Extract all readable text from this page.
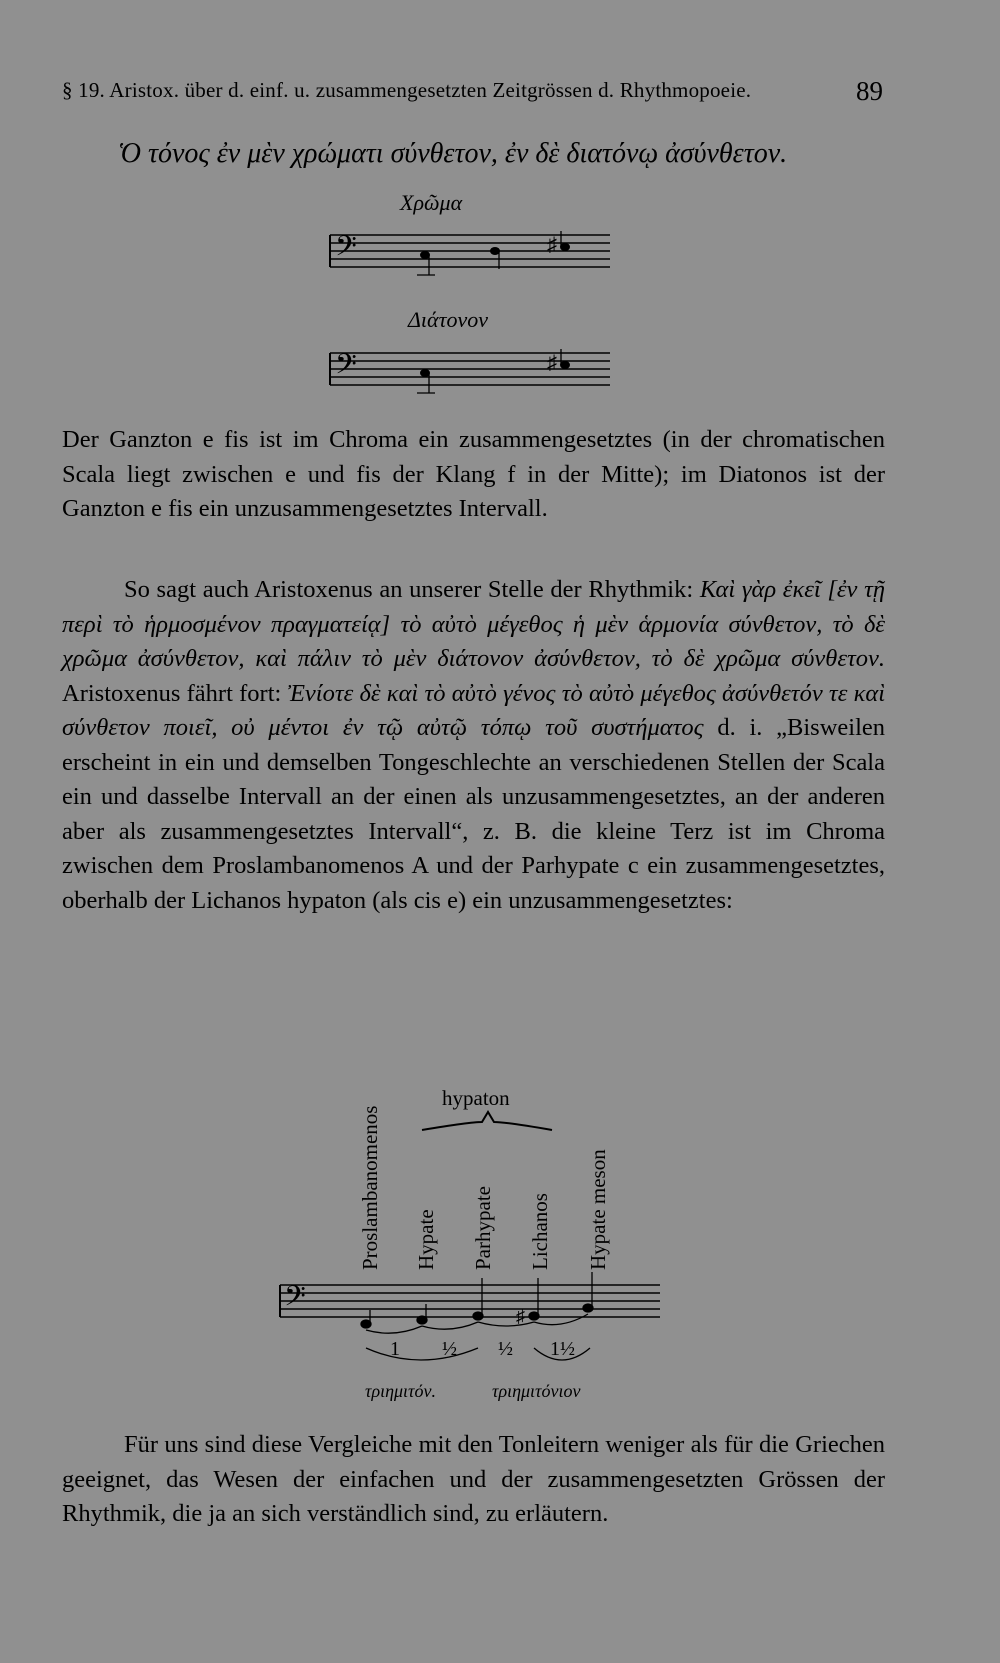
§ 19. Aristox. über d. einf. u. zusammengesetzten Zeitgrössen d. Rhythmopoeie.	89
Ὁ τόνος ἐν μὲν χρώματι σύνθετον, ἐν δὲ διατόνῳ ἀσύνθετον.
Χρῶμα
𝄢	♯
Διάτονον
𝄢	♯

Der Ganzton e fis ist im Chroma ein zusammengesetztes (in der chromatischen Scala liegt zwischen e und fis der Klang f in der Mitte); im Diatonos ist der Ganzton e fis ein unzusammengesetztes Intervall.

So sagt auch Aristoxenus an unserer Stelle der Rhythmik: Καὶ γὰρ ἐκεῖ [ἐν τῇ περὶ τὸ ἡρμοσμένον πραγματείᾳ] τὸ αὐτὸ μέγεθος ἡ μὲν ἁρμονία σύνθετον, τὸ δὲ χρῶμα ἀσύνθετον, καὶ πάλιν τὸ μὲν διάτονον ἀσύνθετον, τὸ δὲ χρῶμα σύνθετον. Aristoxenus fährt fort: Ἐνίοτε δὲ καὶ τὸ αὐτὸ γένος τὸ αὐτὸ μέγεθος ἀσύνθετόν τε καὶ σύνθετον ποιεῖ, οὐ μέντοι ἐν τῷ αὐτῷ τόπῳ τοῦ συστήματος d. i. „Bisweilen erscheint in ein und demselben Tongeschlechte an verschiedenen Stellen der Scala ein und dasselbe Intervall an der einen als unzusammengesetztes, an der anderen aber als zusammengesetztes Intervall“, z. B. die kleine Terz ist im Chroma zwischen dem Proslambanomenos A und der Parhypate c ein zusammengesetztes, oberhalb der Lichanos hypaton (als cis e) ein unzusammengesetztes:

Proslambanomenos Hypate Parhypate Lichanos Hypate meson
hypaton
𝄢	♯
1 ½ ½ 1½
τριημιτόν.	τριημιτόνιον

Für uns sind diese Vergleiche mit den Tonleitern weniger als für die Griechen geeignet, das Wesen der einfachen und der zusammengesetzten Grössen der Rhythmik, die ja an sich verständlich sind, zu erläutern.
